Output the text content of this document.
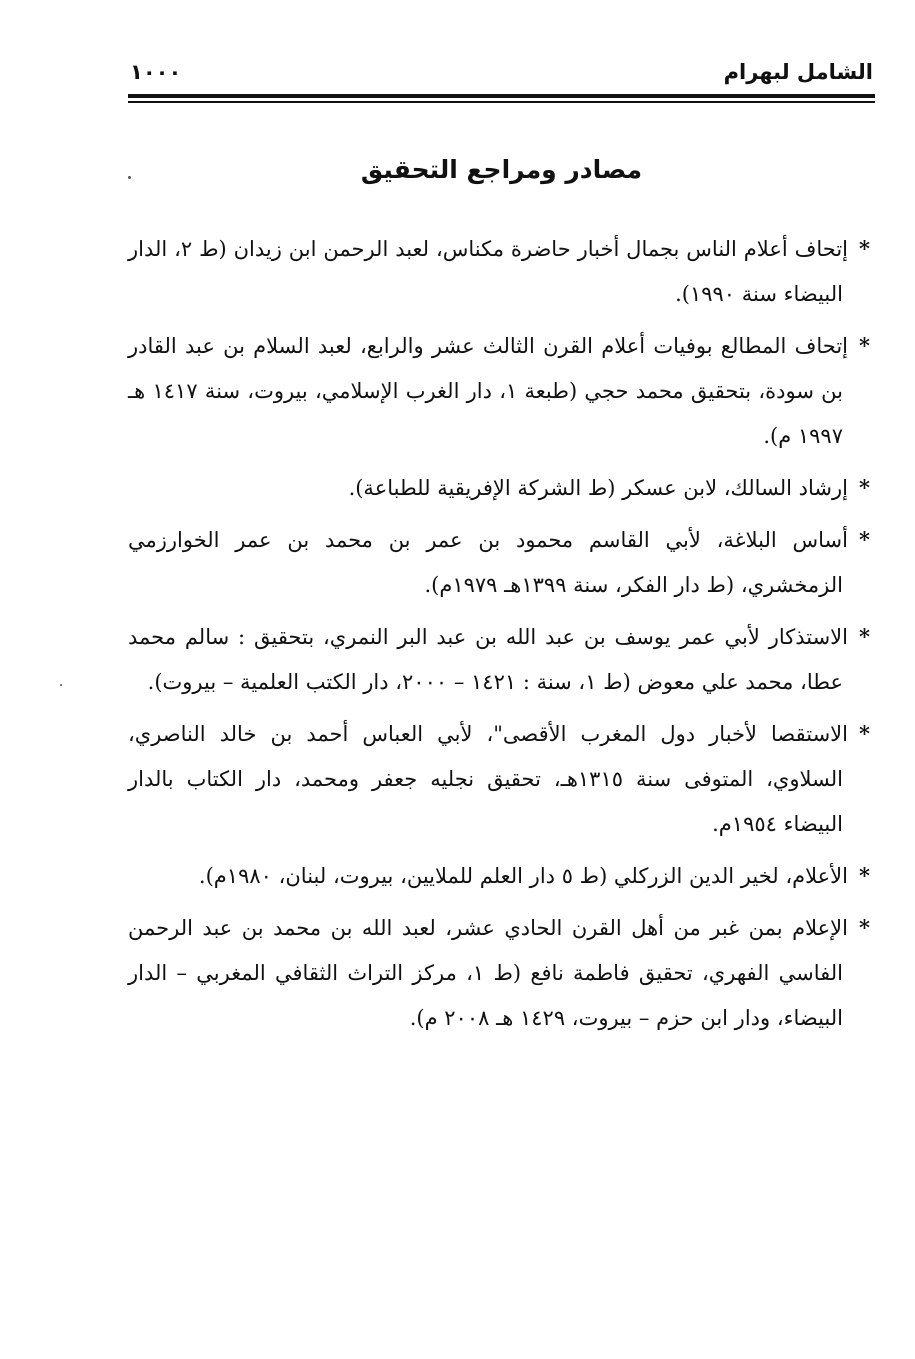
الشامل لبهرام
١٠٠٠
مصادر ومراجع التحقيق

*إتحاف أعلام الناس بجمال أخبار حاضرة مكناس، لعبد الرحمن ابن زيدان (ط ٢، الدار البيضاء سنة ١٩٩٠).

*إتحاف المطالع بوفيات أعلام القرن الثالث عشر والرابع، لعبد السلام بن عبد القادر بن سودة، بتحقيق محمد حجي (طبعة ١، دار الغرب الإسلامي، بيروت، سنة ١٤١٧ هـ ١٩٩٧ م).

*إرشاد السالك، لابن عسكر (ط الشركة الإفريقية للطباعة).

*أساس البلاغة، لأبي القاسم محمود بن عمر بن محمد بن عمر الخوارزمي الزمخشري، (ط دار الفكر، سنة ١٣٩٩هـ ١٩٧٩م).

*الاستذكار لأبي عمر يوسف بن عبد الله بن عبد البر النمري، بتحقيق : سالم محمد عطا، محمد علي معوض (ط ١، سنة : ١٤٢١ – ٢٠٠٠، دار الكتب العلمية – بيروت).

*الاستقصا لأخبار دول المغرب الأقصى"، لأبي العباس أحمد بن خالد الناصري، السلاوي، المتوفى سنة ١٣١٥هـ، تحقيق نجليه جعفر ومحمد، دار الكتاب بالدار البيضاء ١٩٥٤م.

*الأعلام، لخير الدين الزركلي (ط ٥ دار العلم للملايين، بيروت، لبنان، ١٩٨٠م).

*الإعلام بمن غبر من أهل القرن الحادي عشر، لعبد الله بن محمد بن عبد الرحمن الفاسي الفهري، تحقيق فاطمة نافع (ط ١، مركز التراث الثقافي المغربي – الدار البيضاء، ودار ابن حزم – بيروت، ١٤٢٩ هـ ٢٠٠٨ م).
